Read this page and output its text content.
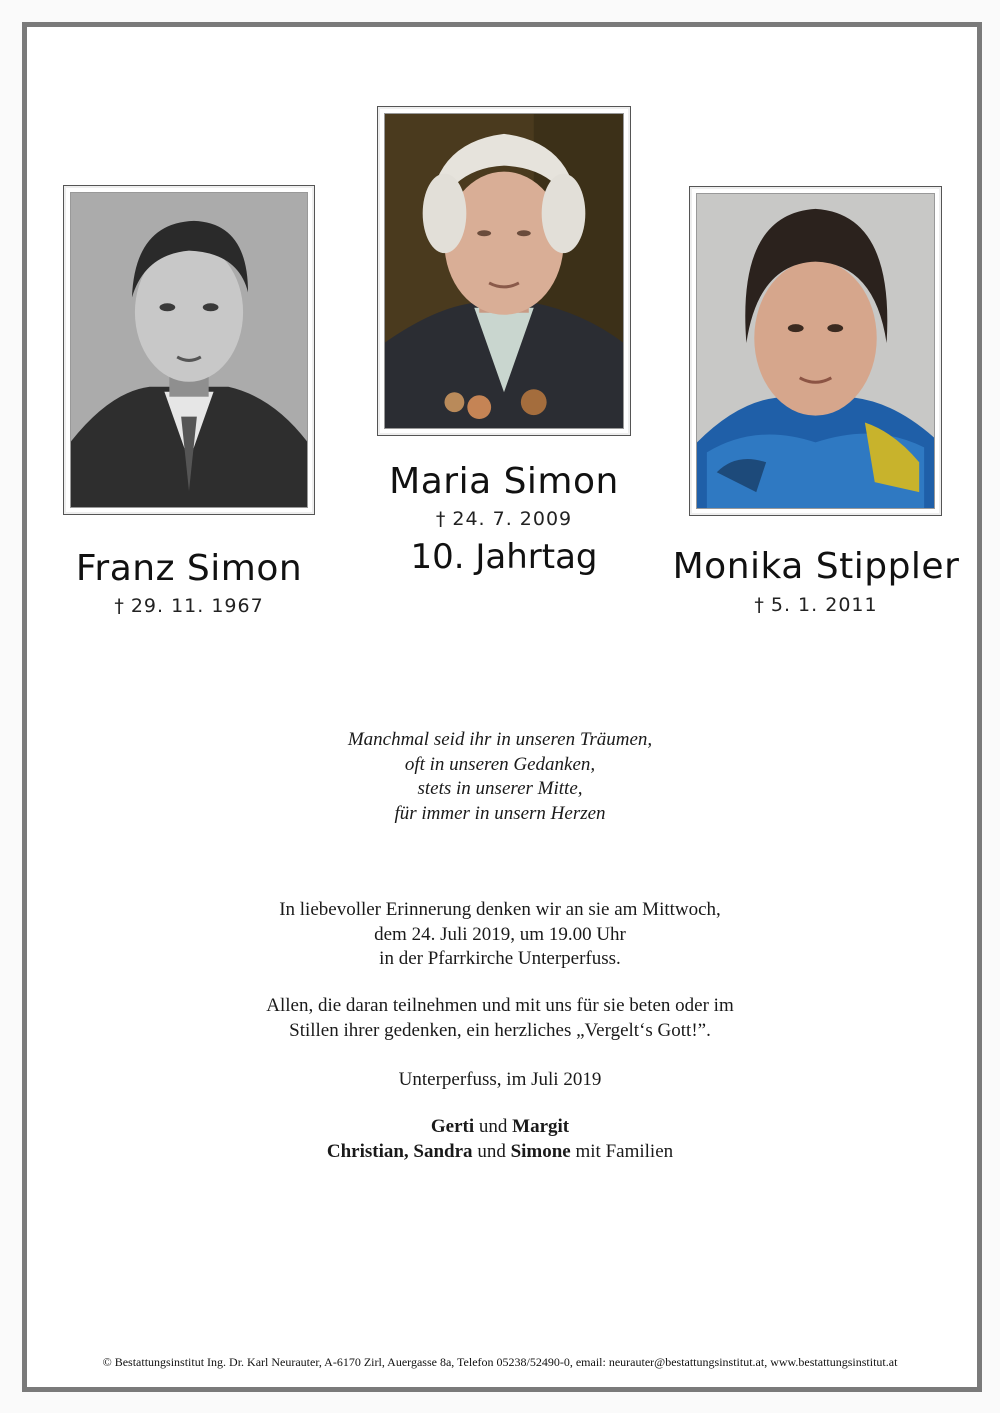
Franz Simon
† 29. 11. 1967
Maria Simon
† 24. 7. 2009
10. Jahrtag	Monika Stippler
† 5. 1. 2011
Manchmal seid ihr in unseren Träumen,
oft in unseren Gedanken,
stets in unserer Mitte,
für immer in unsern Herzen
In liebevoller Erinnerung denken wir an sie am Mittwoch,
dem 24. Juli 2019, um 19.00 Uhr
in der Pfarrkirche Unterperfuss.
Allen, die daran teilnehmen und mit uns für sie beten oder im
Stillen ihrer gedenken, ein herzliches „Vergelt‘s Gott!”.
Unterperfuss, im Juli 2019
Gerti und Margit
Christian, Sandra und Simone mit Familien
© Bestattungsinstitut Ing. Dr. Karl Neurauter, A-6170 Zirl, Auergasse 8a, Telefon 05238/52490-0, email: neurauter@bestattungsinstitut.at, www.bestattungsinstitut.at
